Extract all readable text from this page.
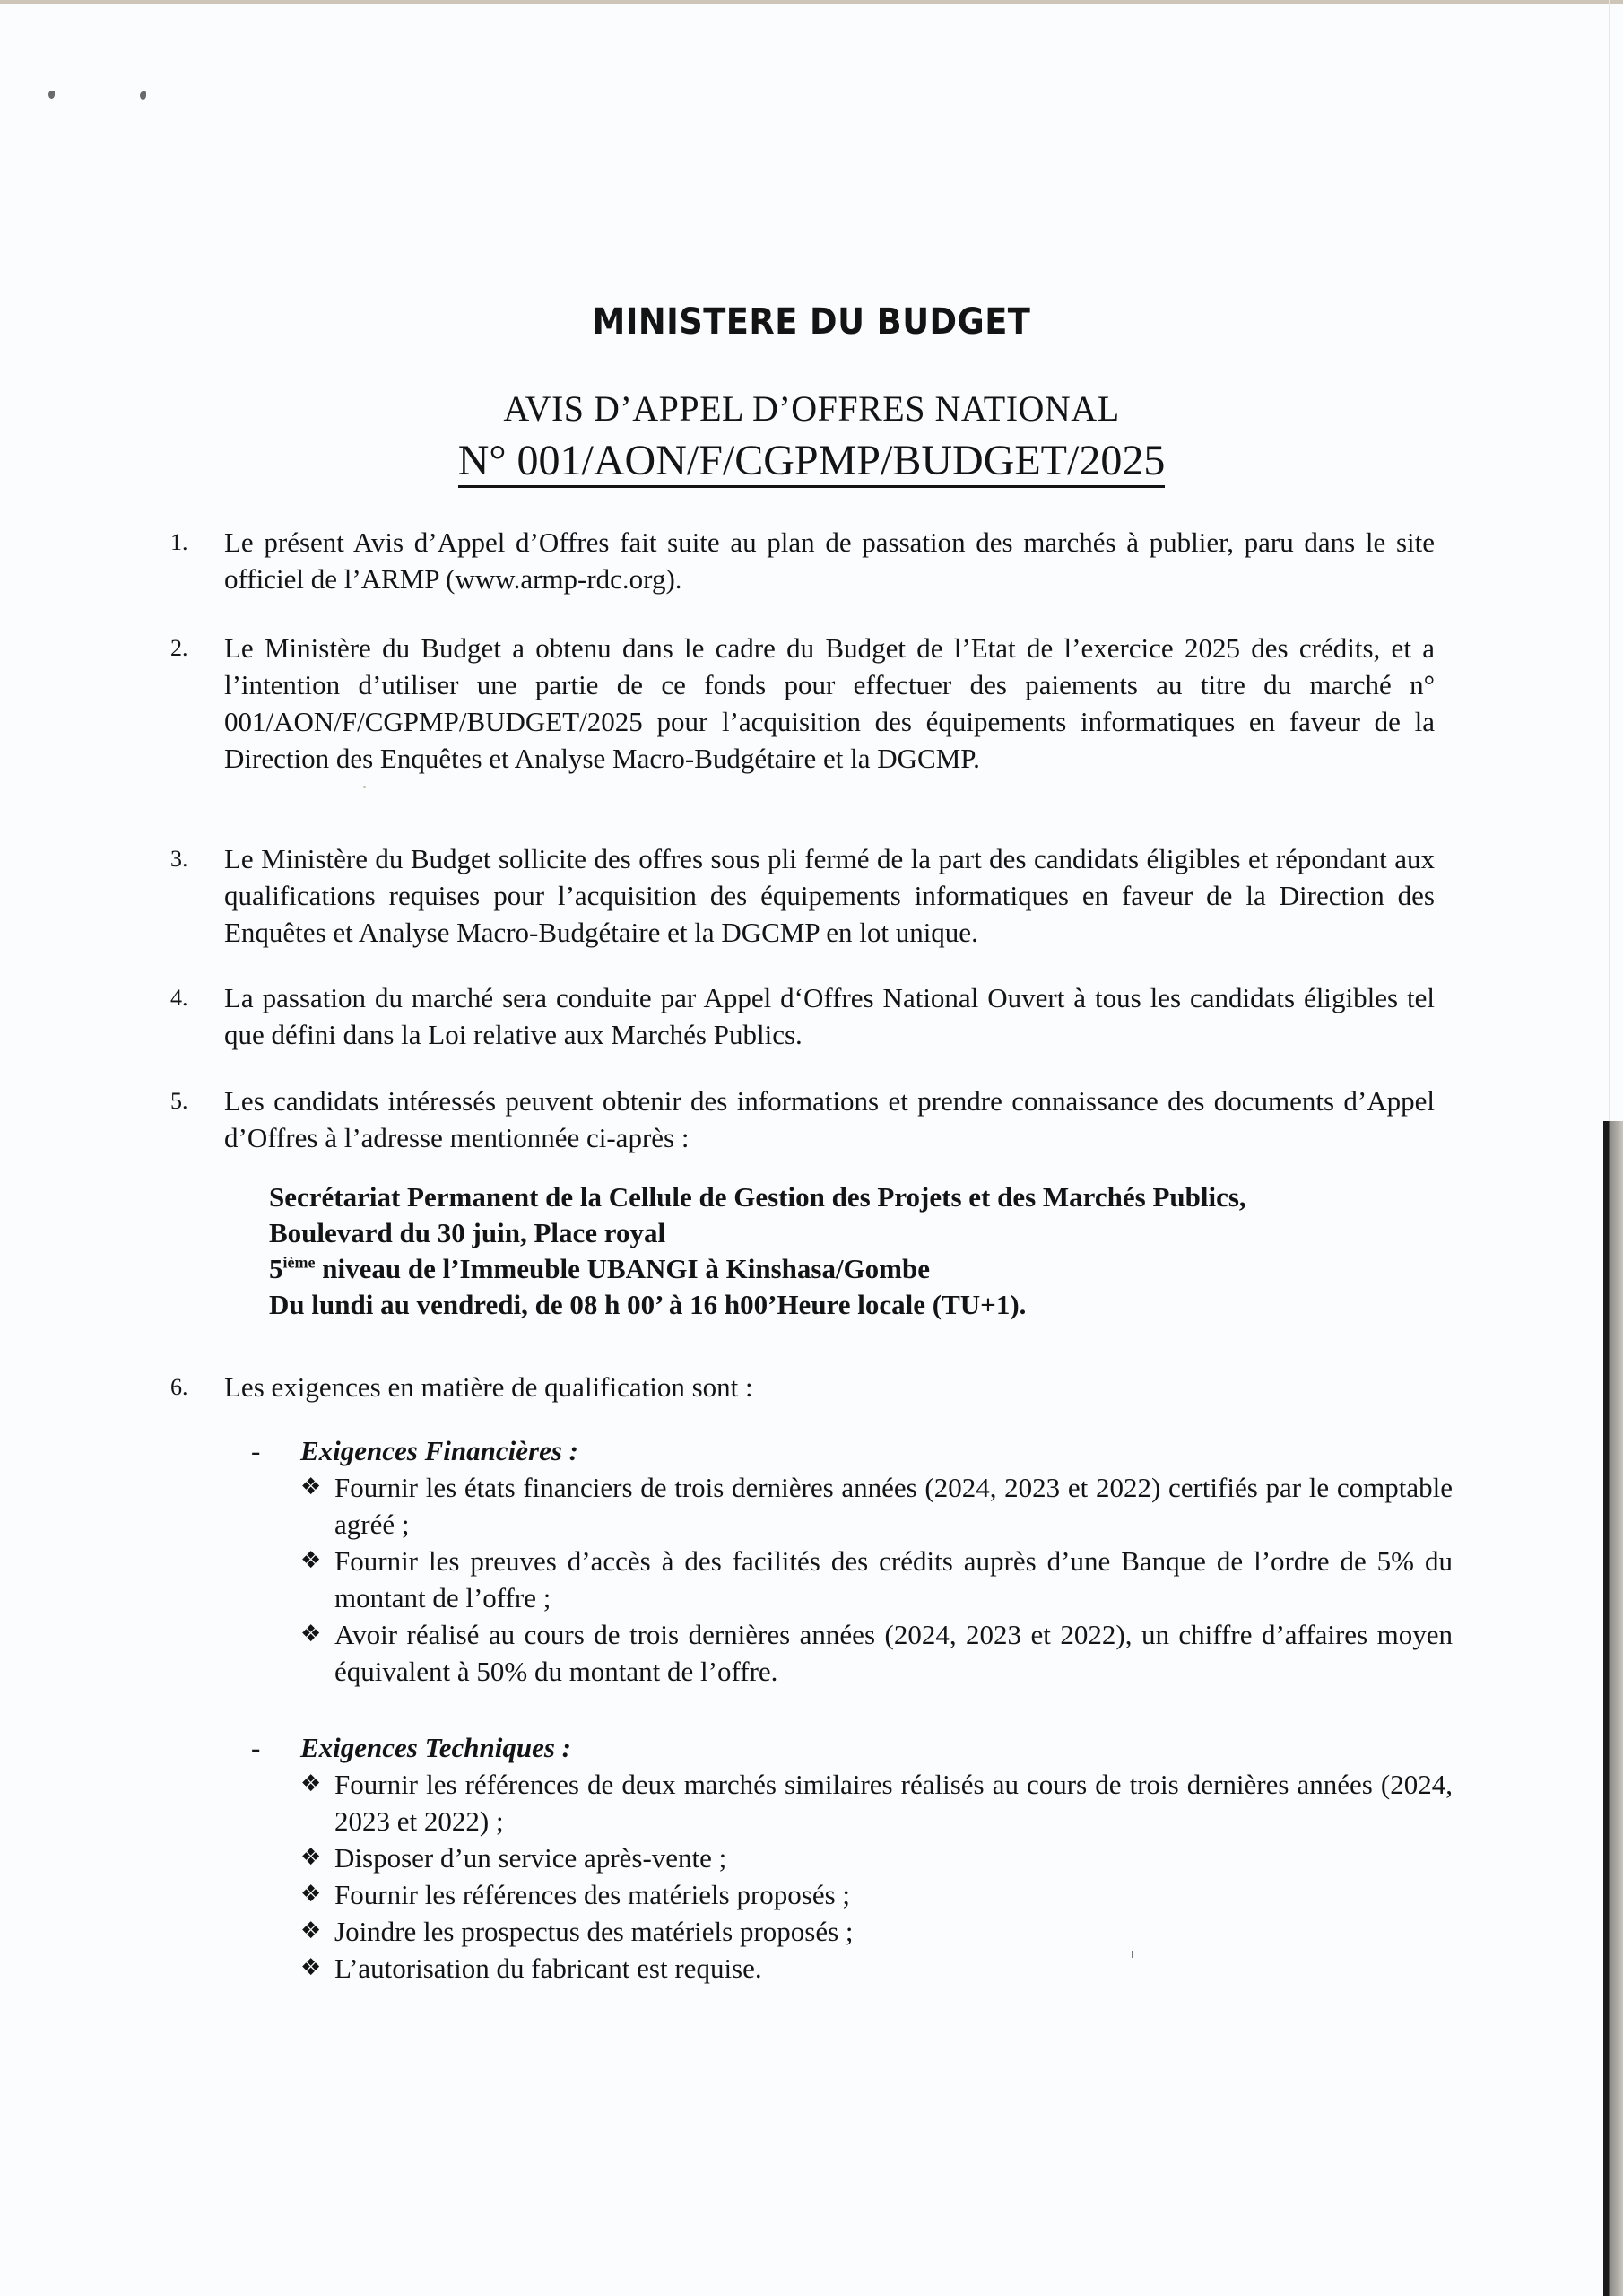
MINISTERE DU BUDGET
AVIS D’APPEL D’OFFRES NATIONAL
N° 001/AON/F/CGPMP/BUDGET/2025
1.	Le présent Avis d’Appel d’Offres fait suite au plan de passation des marchés à publier, paru dans le site officiel de l’ARMP (www.armp-rdc.org).
2.	Le Ministère du Budget a obtenu dans le cadre du Budget de l’Etat de l’exercice 2025 des crédits, et a l’intention d’utiliser une partie de ce fonds pour effectuer des paiements au titre du marché n° 001/AON/F/CGPMP/BUDGET/2025 pour l’acquisition des équipements informatiques en faveur de la Direction des Enquêtes et Analyse Macro-Budgétaire et la DGCMP.
3.	Le Ministère du Budget sollicite des offres sous pli fermé de la part des candidats éligibles et répondant aux qualifications requises pour l’acquisition des équipements informatiques en faveur de la Direction des Enquêtes et Analyse Macro-Budgétaire et la DGCMP en lot unique.
4.	La passation du marché sera conduite par Appel d‘Offres National Ouvert à tous les candidats éligibles tel que défini dans la Loi relative aux Marchés Publics.
5.	Les candidats intéressés peuvent obtenir des informations et prendre connaissance des documents d’Appel d’Offres à l’adresse mentionnée ci-après :
6.	Les exigences en matière de qualification sont :
Secrétariat Permanent de la Cellule de Gestion des Projets et des Marchés Publics,
Boulevard du 30 juin, Place royal
5ième niveau de l’Immeuble UBANGI à Kinshasa/Gombe
Du lundi au vendredi, de 08 h 00’ à 16 h00’Heure locale (TU+1).
- Exigences Financières :
❖ Fournir les états financiers de trois dernières années (2024, 2023 et 2022) certifiés par le comptable agréé ;
❖ Fournir les preuves d’accès à des facilités des crédits auprès d’une Banque de l’ordre de 5% du montant de l’offre ;
❖ Avoir réalisé au cours de trois dernières années (2024, 2023 et 2022), un chiffre d’affaires moyen équivalent à 50% du montant de l’offre.
- Exigences Techniques :
❖ Fournir les références de deux marchés similaires réalisés au cours de trois dernières années (2024, 2023 et 2022) ;
❖ Disposer d’un service après-vente ;
❖ Fournir les références des matériels proposés ;
❖ Joindre les prospectus des matériels proposés ;
❖ L’autorisation du fabricant est requise.
